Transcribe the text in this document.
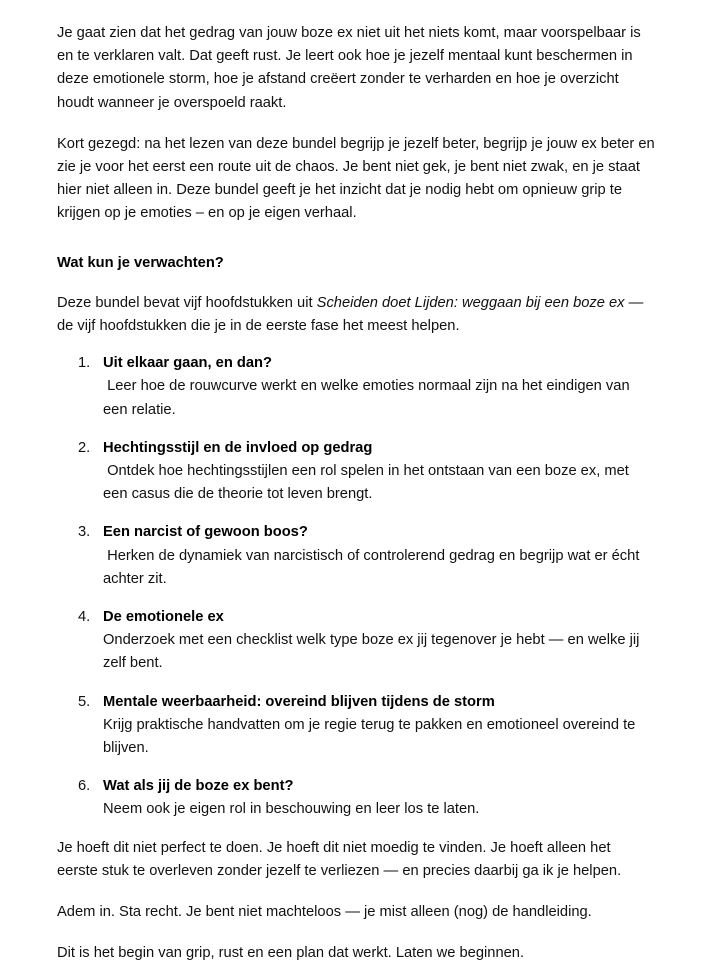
Je gaat zien dat het gedrag van jouw boze ex niet uit het niets komt, maar voorspelbaar is en te verklaren valt. Dat geeft rust. Je leert ook hoe je jezelf mentaal kunt beschermen in deze emotionele storm, hoe je afstand creëert zonder te verharden en hoe je overzicht houdt wanneer je overspoeld raakt.

Kort gezegd: na het lezen van deze bundel begrijp je jezelf beter, begrijp je jouw ex beter en zie je voor het eerst een route uit de chaos. Je bent niet gek, je bent niet zwak, en je staat hier niet alleen in. Deze bundel geeft je het inzicht dat je nodig hebt om opnieuw grip te krijgen op je emoties – en op je eigen verhaal.

Wat kun je verwachten?

Deze bundel bevat vijf hoofdstukken uit Scheiden doet Lijden: weggaan bij een boze ex — de vijf hoofdstukken die je in de eerste fase het meest helpen.

Uit elkaar gaan, en dan?
Leer hoe de rouwcurve werkt en welke emoties normaal zijn na het eindigen van een relatie.
Hechtingsstijl en de invloed op gedrag
Ontdek hoe hechtingsstijlen een rol spelen in het ontstaan van een boze ex, met een casus die de theorie tot leven brengt.
Een narcist of gewoon boos?
Herken de dynamiek van narcistisch of controlerend gedrag en begrijp wat er écht achter zit.
De emotionele ex
Onderzoek met een checklist welk type boze ex jij tegenover je hebt — en welke jij zelf bent.
Mentale weerbaarheid: overeind blijven tijdens de storm
Krijg praktische handvatten om je regie terug te pakken en emotioneel overeind te blijven.
Wat als jij de boze ex bent?
Neem ook je eigen rol in beschouwing en leer los te laten.

Je hoeft dit niet perfect te doen. Je hoeft dit niet moedig te vinden. Je hoeft alleen het eerste stuk te overleven zonder jezelf te verliezen — en precies daarbij ga ik je helpen.

Adem in. Sta recht. Je bent niet machteloos — je mist alleen (nog) de handleiding.

Dit is het begin van grip, rust en een plan dat werkt. Laten we beginnen.
